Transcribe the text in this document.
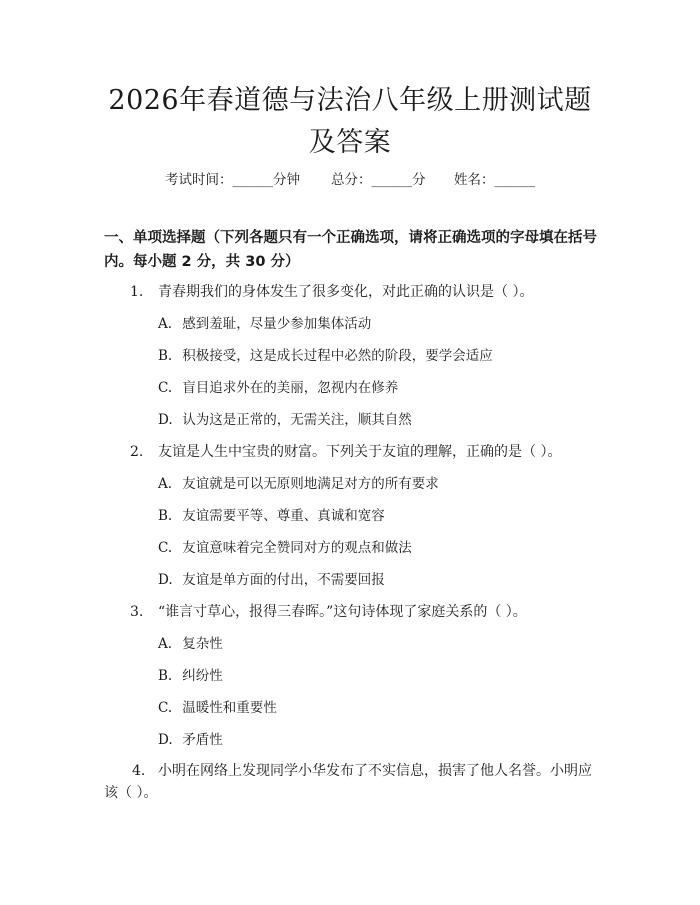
2026年春道德与法治八年级上册测试题及答案
考试时间：______分钟 总分：______分 姓名：______
一、单项选择题（下列各题只有一个正确选项，请将正确选项的字母填在括号内。每小题 2 分，共 30 分）
1. 青春期我们的身体发生了很多变化，对此正确的认识是（ ）。
A. 感到羞耻，尽量少参加集体活动
B. 积极接受，这是成长过程中必然的阶段，要学会适应
C. 盲目追求外在的美丽，忽视内在修养
D. 认为这是正常的，无需关注，顺其自然
2. 友谊是人生中宝贵的财富。下列关于友谊的理解，正确的是（ ）。
A. 友谊就是可以无原则地满足对方的所有要求
B. 友谊需要平等、尊重、真诚和宽容
C. 友谊意味着完全赞同对方的观点和做法
D. 友谊是单方面的付出，不需要回报
3. “谁言寸草心，报得三春晖。”这句诗体现了家庭关系的（ ）。
A. 复杂性
B. 纠纷性
C. 温暖性和重要性
D. 矛盾性
4. 小明在网络上发现同学小华发布了不实信息，损害了他人名誉。小明应该（ ）。
